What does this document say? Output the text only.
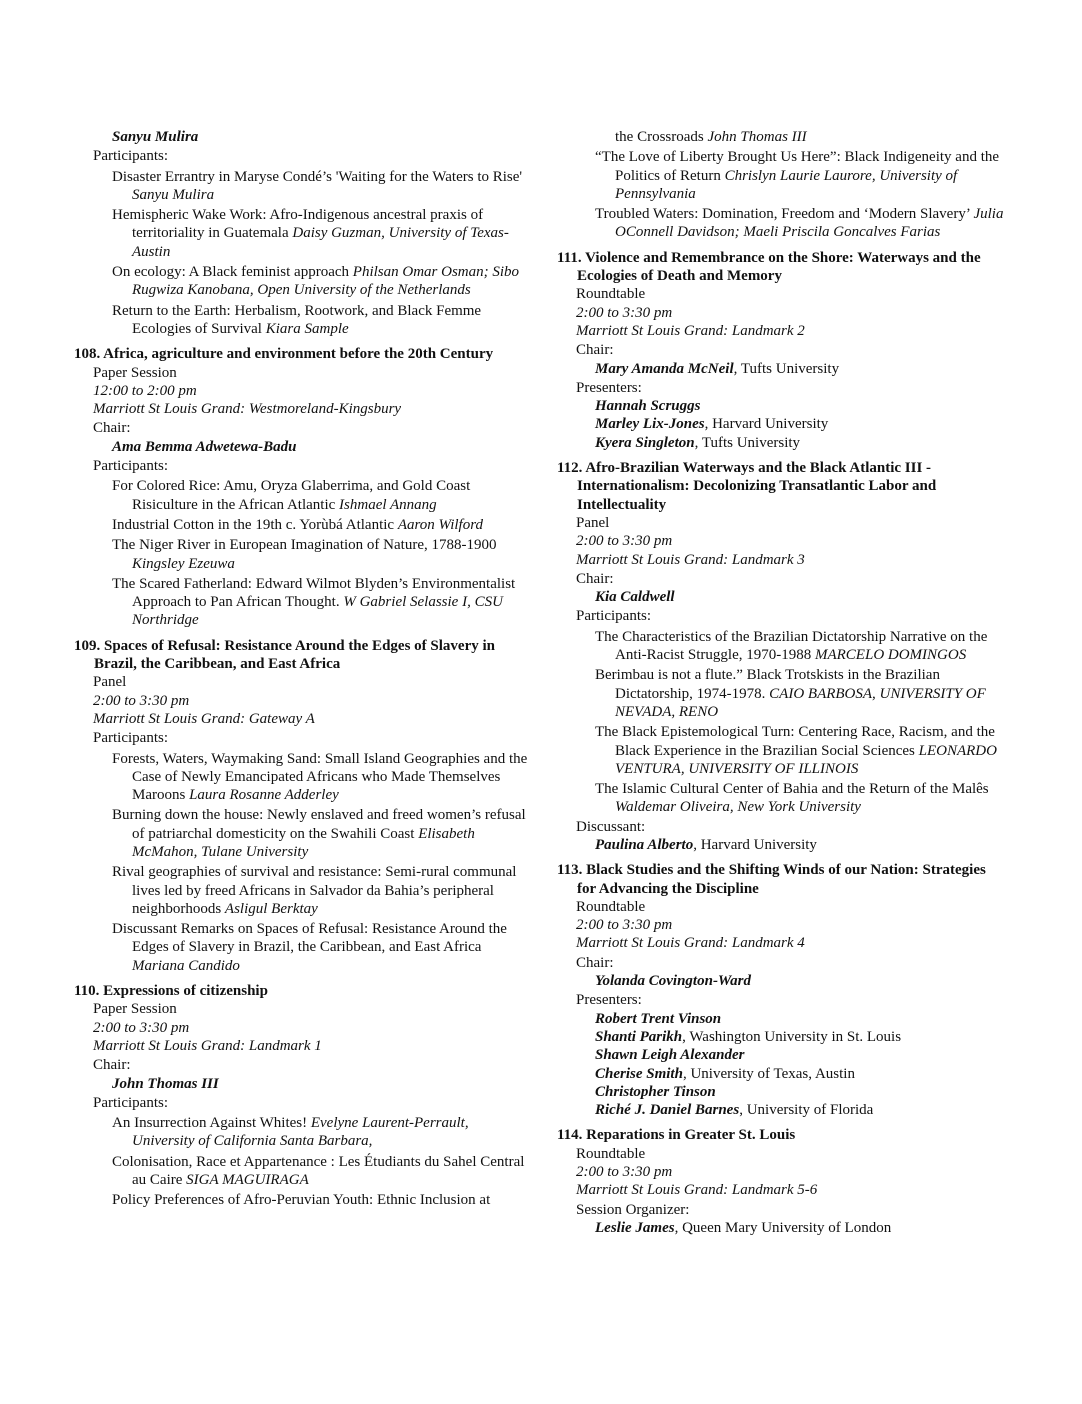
Sanyu Mulira
Participants:
Disaster Errantry in Maryse Condé’s 'Waiting for the Waters to Rise' Sanyu Mulira
Hemispheric Wake Work: Afro-Indigenous ancestral praxis of territoriality in Guatemala Daisy Guzman, University of Texas- Austin
On ecology: A Black feminist approach Philsan Omar Osman; Sibo Rugwiza Kanobana, Open University of the Netherlands
Return to the Earth: Herbalism, Rootwork, and Black Femme Ecologies of Survival Kiara Sample
108. Africa, agriculture and environment before the 20th Century
Paper Session
12:00 to 2:00 pm
Marriott St Louis Grand: Westmoreland-Kingsbury
Chair:
Ama Bemma Adwetewa-Badu
Participants:
For Colored Rice: Amu, Oryza Glaberrima, and Gold Coast Risiculture in the African Atlantic Ishmael Annang
Industrial Cotton in the 19th c. Yorùbá Atlantic Aaron Wilford
The Niger River in European Imagination of Nature, 1788-1900 Kingsley Ezeuwa
The Scared Fatherland: Edward Wilmot Blyden’s Environmentalist Approach to Pan African Thought. W Gabriel Selassie I, CSU Northridge
109. Spaces of Refusal: Resistance Around the Edges of Slavery in Brazil, the Caribbean, and East Africa
Panel
2:00 to 3:30 pm
Marriott St Louis Grand: Gateway A
Participants:
Forests, Waters, Waymaking Sand: Small Island Geographies and the Case of Newly Emancipated Africans who Made Themselves Maroons Laura Rosanne Adderley
Burning down the house: Newly enslaved and freed women’s refusal of patriarchal domesticity on the Swahili Coast Elisabeth McMahon, Tulane University
Rival geographies of survival and resistance: Semi-rural communal lives led by freed Africans in Salvador da Bahia’s peripheral neighborhoods Asligul Berktay
Discussant Remarks on Spaces of Refusal: Resistance Around the Edges of Slavery in Brazil, the Caribbean, and East Africa Mariana Candido
110. Expressions of citizenship
Paper Session
2:00 to 3:30 pm
Marriott St Louis Grand: Landmark 1
Chair:
John Thomas III
Participants:
An Insurrection Against Whites! Evelyne Laurent-Perrault, University of California Santa Barbara,
Colonisation, Race et Appartenance : Les Étudiants du Sahel Central au Caire SIGA MAGUIRAGA
Policy Preferences of Afro-Peruvian Youth: Ethnic Inclusion at
the Crossroads John Thomas III
“The Love of Liberty Brought Us Here”: Black Indigeneity and the Politics of Return Chrislyn Laurie Laurore, University of Pennsylvania
Troubled Waters: Domination, Freedom and ‘Modern Slavery’ Julia OConnell Davidson; Maeli Priscila Goncalves Farias
111. Violence and Remembrance on the Shore: Waterways and the Ecologies of Death and Memory
Roundtable
2:00 to 3:30 pm
Marriott St Louis Grand: Landmark 2
Chair:
Mary Amanda McNeil, Tufts University
Presenters:
Hannah Scruggs
Marley Lix-Jones, Harvard University
Kyera Singleton, Tufts University
112. Afro-Brazilian Waterways and the Black Atlantic III - Internationalism: Decolonizing Transatlantic Labor and Intellectuality
Panel
2:00 to 3:30 pm
Marriott St Louis Grand: Landmark 3
Chair:
Kia Caldwell
Participants:
The Characteristics of the Brazilian Dictatorship Narrative on the Anti-Racist Struggle, 1970-1988 MARCELO DOMINGOS
Berimbau is not a flute.” Black Trotskists in the Brazilian Dictatorship, 1974-1978. CAIO BARBOSA, UNIVERSITY OF NEVADA, RENO
The Black Epistemological Turn: Centering Race, Racism, and the Black Experience in the Brazilian Social Sciences LEONARDO VENTURA, UNIVERSITY OF ILLINOIS
The Islamic Cultural Center of Bahia and the Return of the Malês Waldemar Oliveira, New York University
Discussant:
Paulina Alberto, Harvard University
113. Black Studies and the Shifting Winds of our Nation: Strategies for Advancing the Discipline
Roundtable
2:00 to 3:30 pm
Marriott St Louis Grand: Landmark 4
Chair:
Yolanda Covington-Ward
Presenters:
Robert Trent Vinson
Shanti Parikh, Washington University in St. Louis
Shawn Leigh Alexander
Cherise Smith, University of Texas, Austin
Christopher Tinson
Riché J. Daniel Barnes, University of Florida
114. Reparations in Greater St. Louis
Roundtable
2:00 to 3:30 pm
Marriott St Louis Grand: Landmark 5-6
Session Organizer:
Leslie James, Queen Mary University of London
